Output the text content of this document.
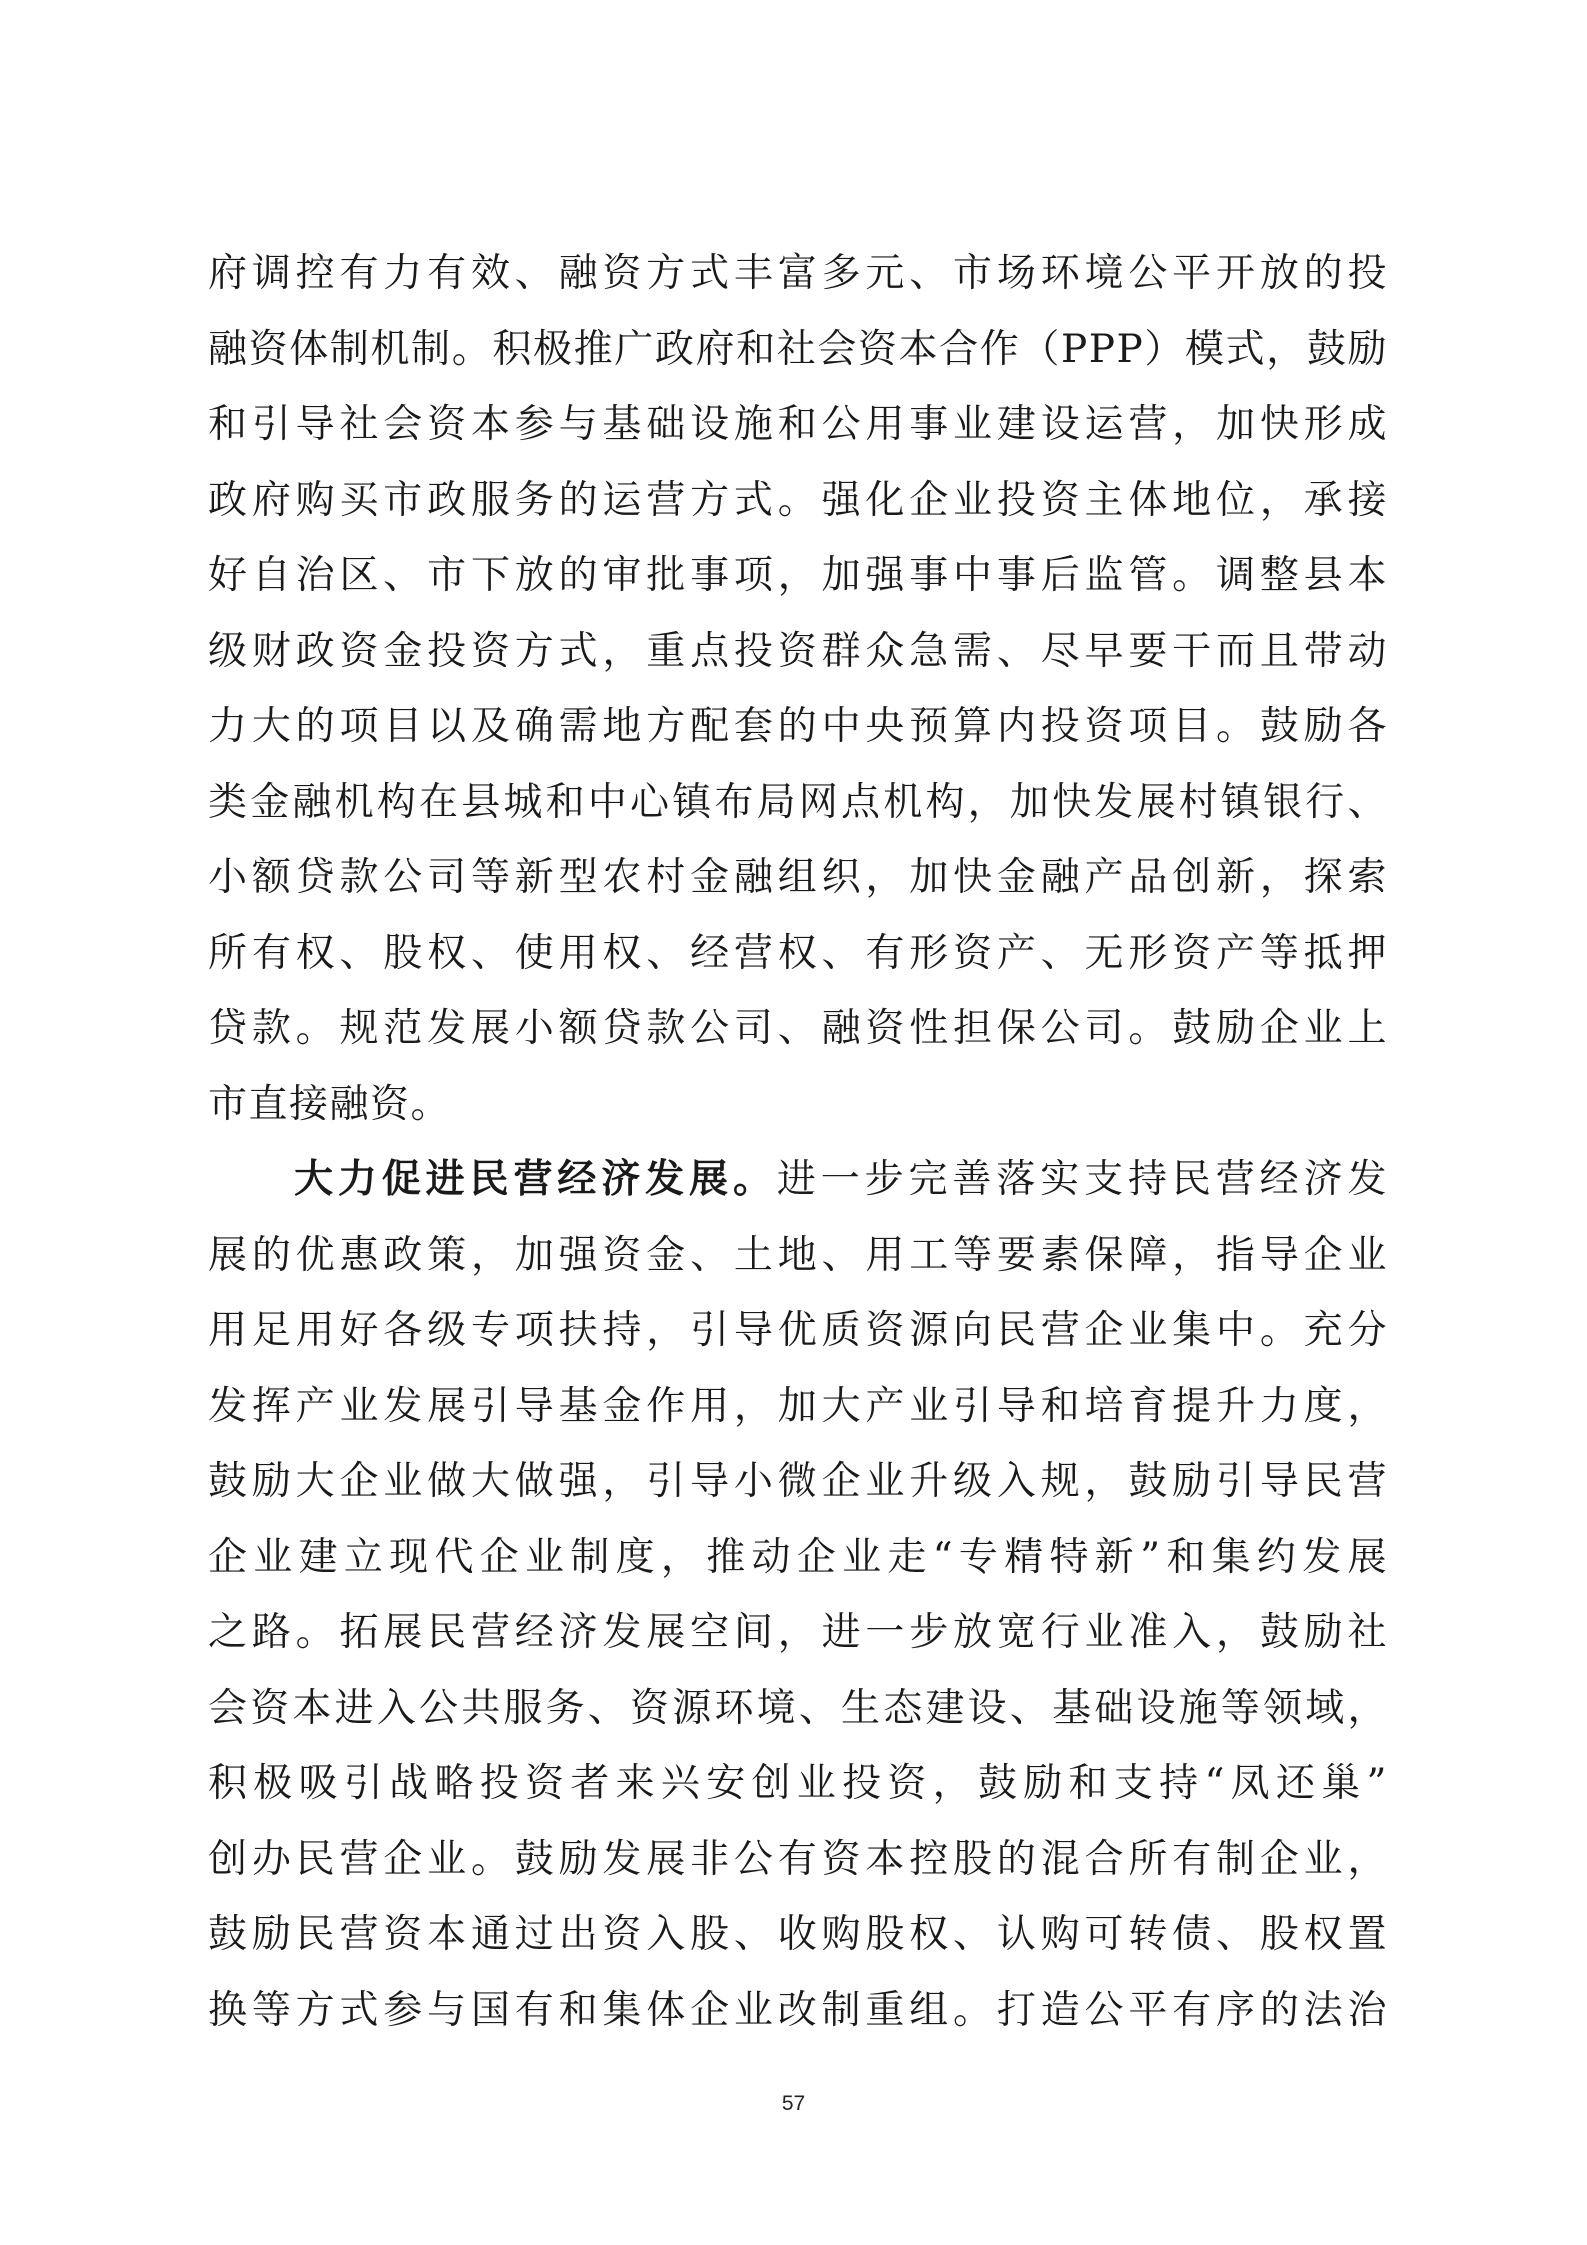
府调控有力有效、融资方式丰富多元、市场环境公平开放的投
融资体制机制。积极推广政府和社会资本合作（PPP）模式，鼓励
和引导社会资本参与基础设施和公用事业建设运营，加快形成
政府购买市政服务的运营方式。强化企业投资主体地位，承接
好自治区、市下放的审批事项，加强事中事后监管。调整县本
级财政资金投资方式，重点投资群众急需、尽早要干而且带动
力大的项目以及确需地方配套的中央预算内投资项目。鼓励各
类金融机构在县城和中心镇布局网点机构，加快发展村镇银行、
小额贷款公司等新型农村金融组织，加快金融产品创新，探索
所有权、股权、使用权、经营权、有形资产、无形资产等抵押
贷款。规范发展小额贷款公司、融资性担保公司。鼓励企业上
市直接融资。
大力促进民营经济发展。进一步完善落实支持民营经济发
展的优惠政策，加强资金、土地、用工等要素保障，指导企业
用足用好各级专项扶持，引导优质资源向民营企业集中。充分
发挥产业发展引导基金作用，加大产业引导和培育提升力度，
鼓励大企业做大做强，引导小微企业升级入规，鼓励引导民营
企业建立现代企业制度，推动企业走“专精特新”和集约发展
之路。拓展民营经济发展空间，进一步放宽行业准入，鼓励社
会资本进入公共服务、资源环境、生态建设、基础设施等领域，
积极吸引战略投资者来兴安创业投资，鼓励和支持“凤还巢”
创办民营企业。鼓励发展非公有资本控股的混合所有制企业，
鼓励民营资本通过出资入股、收购股权、认购可转债、股权置
换等方式参与国有和集体企业改制重组。打造公平有序的法治
57
